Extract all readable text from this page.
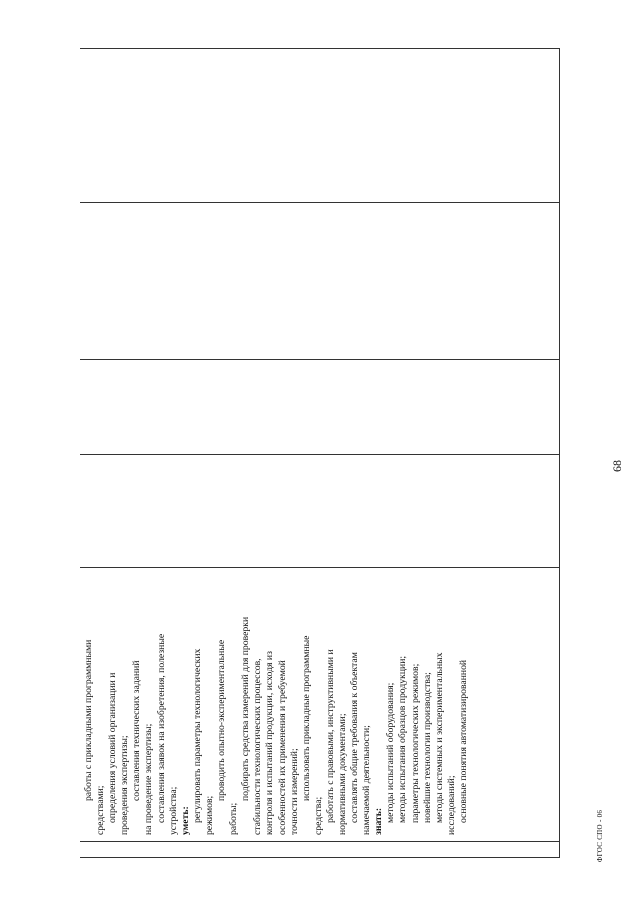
68
работы с прикладными программными
средствами; определения условий организации и проведения экспертизы; составления технических заданий на проведение экспертизы; составления заявок на изобретения, полезные устройства; уметь: регулировать параметры технологических режимов;
проводить опытно-экспериментальные
работы;
подбирать средства измерений для проверки стабильности технологических процессов, контроля и испытаний продукции, исходя из особенностей их применения и требуемой точности измерений; использовать прикладные программные
средства; работать с правовыми, инструктивными и нормативными документами; составлять общие требования к объектам намечаемой деятельности; знать: методы испытаний оборудования; методы испытания образцов продукции; параметры технологических режимов; новейшие технологии производства; методы системных и экспериментальных исследований; основные понятия автоматизированной
ФГОС СПО - 06
